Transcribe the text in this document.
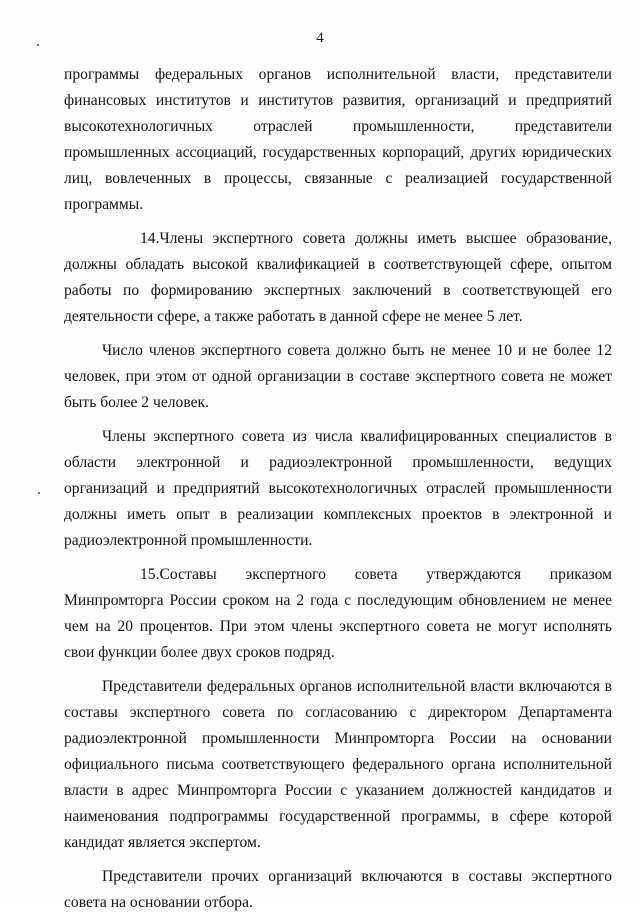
4

программы федеральных органов исполнительной власти, представители финансовых институтов и институтов развития, организаций и предприятий высокотехнологичных отраслей промышленности, представители промышленных ассоциаций, государственных корпораций, других юридических лиц, вовлеченных в процессы, связанные с реализацией государственной программы.

14.Члены экспертного совета должны иметь высшее образование, должны обладать высокой квалификацией в соответствующей сфере, опытом работы по формированию экспертных заключений в соответствующей его деятельности сфере, а также работать в данной сфере не менее 5 лет.

Число членов экспертного совета должно быть не менее 10 и не более 12 человек, при этом от одной организации в составе экспертного совета не может быть более 2 человек.

Члены экспертного совета из числа квалифицированных специалистов в области электронной и радиоэлектронной промышленности, ведущих организаций и предприятий высокотехнологичных отраслей промышленности должны иметь опыт в реализации комплексных проектов в электронной и радиоэлектронной промышленности.

15.Составы экспертного совета утверждаются приказом Минпромторга России сроком на 2 года с последующим обновлением не менее чем на 20 процентов. При этом члены экспертного совета не могут исполнять свои функции более двух сроков подряд.

Представители федеральных органов исполнительной власти включаются в составы экспертного совета по согласованию с директором Департамента радиоэлектронной промышленности Минпромторга России на основании официального письма соответствующего федерального органа исполнительной власти в адрес Минпромторга России с указанием должностей кандидатов и наименования подпрограммы государственной программы, в сфере которой кандидат является экспертом.

Представители прочих организаций включаются в составы экспертного совета на основании отбора.
